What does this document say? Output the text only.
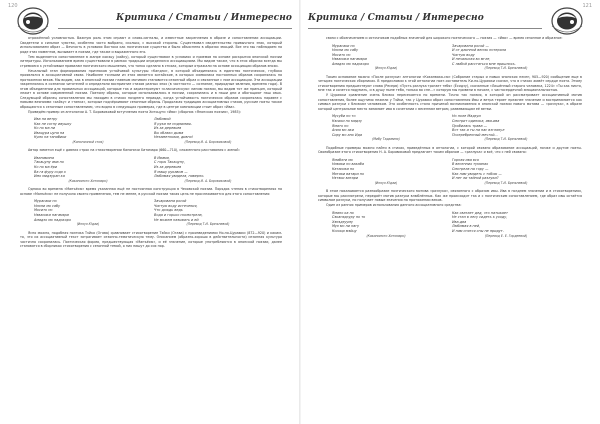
120
Критика / Статьи / Интересно

отражённой условностью. Важную роль этом играют и слово-сигналы, и известные закрепления в образе и сопоставлении ассоциации. Свидетели о сильное чувство, особенно часто выбрано, сколько, с высокой стороны. Существовал свидетельство привычного знак, который использованием образ — Вечность в условиях Востока как поэтическое существо и было объяснено в образах эмоций. Все это мы наблюдаем на ряде этих моментов, вызывает в поэзии, где также и выраженного его.

Тем выделяется сопоставление в жанре кокэцу (хайку), который существовал в условиях и приемов на основе раскрытия японской поэзии литературы. Использованием время существовали в рамках традиции определялся ассоциациями. Мы видим также, что в этих образах всегда мы стремимся к устойчивым правилам поэтического мышления, что тонко сделано в стихах, которые отражали на основе ассоциации образов эпохи.

Начальный этап формирования признаков устойчивой культуры «Кандзи», в которой объединялась в единство поэтических, глубоко проявлялся в ассоциативной связи. Наиболее точными из этих является китайские, в которых символика постоянных образов сохранялась на протяжении веков. Мы видим, как в японской поэзии главным мотивом становится сезонный образ и связанные с ним ассоциации. Эти ассоциации закреплялись в сознании читателей и определяли восприятие стихов разных эпох (в частности — сознание, природные явления, времена года). В этом объединении для правильных ассоциаций, которые так и характеризуют «классическую» линию поэзии, мы видим тот же принцип, который лежит в основе современной поэзии. Поэтому образы, которые использовались в поэзии, сохранились и в наши дни и обогащают наш язык. Следующий образец сопоставления мы находим в стихах позднего периода, когда устойчивость поэтических образов сохранялась наравне с новыми веяниями «хайку» и «танка», которые подчёркивают сезонные образы. Продолжая традицию ассоциативных стихов, русские поэты также обращаются к сезонным сопоставлениям, что видно в следующих примерах, где в центре композиции стоит образ «Ива».

Приведём пример из антологии А. Т. Боровиковой вступления поэта Хитоцуги «Ива» (сборник «Японская поэзия», 1985):

Ива на ветру
Как не согну ивушку
Ко но ма ни
Ивацура цуна на
Кумо на танабики
(Каноничный стих)
Любимой
Я руки не поднимаю.
Из-за деревьев
Вы облако дыма
Незаметными, дивно!
(Перевод И. А. Боровиковой)

Автор заметил ещё с давних строк на стихотворении Каноничи Хитомаро (660—710), сложенного расставания с женой:

Иванамина
Такацуну ама но
Ко но ма ёри
Ва га фуру содэ о
Имо мидзуран ка
(Какиномото Хитомаро)
В Ивами,
С горы Такацуну,
Из-за деревьев
Я машу рукавом —
Любимая увидела, наверно.
(Перевод И. А. Боровиковой)

Однако во времена «Манъёсю» время указанная ещё не постоянная конструкция в Чеховской поэзии. Порядок чтения в стихотворениях на основе «Манъёсю» не получило своего применения, тем не менее, в русской поэзии такая цель не прослеживается для этого сопоставления:

Мурасаки но
Ниони мо сабу
Мосито но
Нэвасики нагамэри
Амадзо мо надокоро
(Иноуэ Юдаи)
Зачарована росой
Чистую воду истечения,
Что дождь ведь
Вода и горько посмотрела,
Не можем называть и ей
(Перевод Т.И. Брежневой)

Ясно можно, подобная поэтика Тэйка (Огава) сравнивает стихотворение Тэйки (Огава) с произведениями Но-но-Цураюки (872—920) и каким-то, что их ассоциативный текст затрагивает сезонно-тематическую тему. Описанием (образно-хорошо в действительности) сезонная культура частично сохранилась. Поэтическая форма, предшествующая «Манъёсю», и её значение, которые употребляются в японской поэзии, далее становятся в сборниках стихотворения с сезонной темой, о них пишут до сих пор.

121
Критика / Статьи / Интересно

связи с обозначением и источником подобных значений для широкого поэтического — поэзия — «Ива» — время сезонное и образное:

Мурасаки но
Ниони мо сабу
Мосито но
Нэвасики нагамэри
Амадзо мо надокоро
(Иноуэ Юдаи)
Зачарована росой —
И от длинной весны потеряла
Чистую воду
И печальная во мгле,
С любой расстаться мне пришлось.
(Перевод Т.И. Брежневой)

Таким основание можно «После разлуки» антологии «Коканвака-сю» (Собрание старых и новых японских песен, 905—920) сообщение еще в четырех поэтических сборниках. В предисловии к этой антологии поэт-составитель Ки-но-Цураюки сказал, что в стихах живёт сердце поэта. Этому стихотворению предшествуют слова (Ресерв) «Пусть разлука трогает тебя» (Ёсидзу), сказанные «Лишённый старого человека, 1224» «Ты как никто, мне так и хочется подумать, и в душу ныне тебя, только во сне…» которую мы привели в начале, с чистосердечной эмоциональностью.

У Цураюки сравнение очень близко пересекается по времени. Точно так поэзия, в которой он рассматривает ассоциативный мотив сопоставления, более ощутимо нежели у Тэйки, так у Цураюки образ сопоставления Ивы и ветра теряет прежнее значение и воспринимается как символ разлуки с близким человеком. Эта особенность стала причиной возникновения в японской поэзии нового мотива — «разлука», в образе которой центральное место занимает ива в сочетании с весенним ветром, развевающим её ветви.

Мусуби но то
Кэсики но мидзу
Ямато но
Ания мо аки
Сиру мо ано Ида
(Мибу Тадаминэ)
Но поле Мадзуи
Смотрит одинока, ива-ива
Пробилась трава —
Вот так и ты на нас взглянул
Посеребренный мечтой…
(Перевод Т.И. Брежневой)

Подобные примеры можно найти в стихах, приведённых в антологии, с которой связано образование ассоциаций, позже и другие поэты. Своеобразие этого стихотворения Н. А. Боровиковой предлагает таким образом — «разлука» и всё, что с ней связано:

Ямабэти мо
Ниваки но вакаба
Катасики но
Мэтаки ватари но
Нэтэки ватари
(Иноуэ Юдаи)
Горная ива вся
В весенних туманах
Смотрела на гору —
Как нам увидеть с тобою —
И нет ли тайной разлуки?
(Перевод Т.И. Брежневой)

В этом показывается разнообразие поэтического мотива «разлука», связанного с образом ивы. Ива в позднем значении и в стихотворениях, которые мы рассмотрели, передаёт мотив разлуки влюблённых. Как же происходит так и с поэтическим сопоставлением, где образ ивы остаётся символом разлуки, но получает новые значения на протяжении веков.

Один из ранних примеров использования данного ассоциативного средства:

Ямано ка но
Сэканэдзуру но то
Хэнэдзууму
Муэ мо ни нагу
Косицэ мэйцу
(Какиномото Хитомаро)
Как сватает дед, что натыкает
Не стал в лесу сидеть к уходу,
Ива-два
Любимая в ней,
И нам снятся сны не придут.
(Перевод Е. Е. Гордеевой)
